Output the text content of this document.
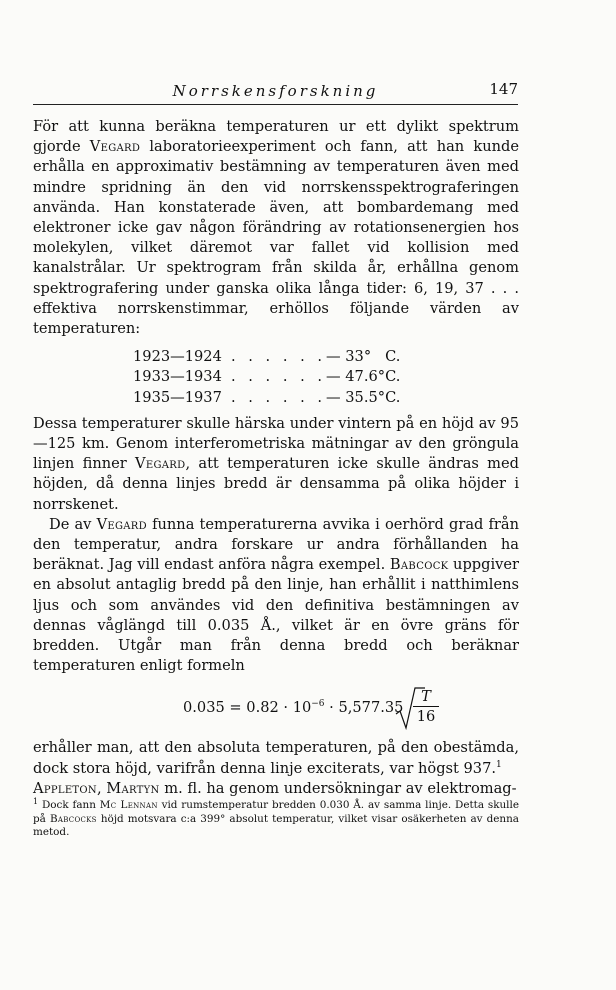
Norrskensforskning	147

För att kunna beräkna temperaturen ur ett dylikt spektrum gjorde Vegard laboratorieexperiment och fann, att han kunde erhålla en approximativ bestämning av temperaturen även med mindre spridning än den vid norrskensspektrograferingen använda. Han konstaterade även, att bombardemang med elektroner icke gav någon förändring av rotationsenergien hos molekylen, vilket däremot var fallet vid kollision med kanalstrålar. Ur spektrogram från skilda år, erhållna genom spektrografering under ganska olika långa tider: 6, 19, 37 . . . effektiva norrskenstimmar, erhöllos följande värden av temperaturen:

1923—1924	. . . . . .	— 33°	C.
1933—1934	. . . . . .	— 47.6°	C.
1935—1937	. . . . . .	— 35.5°	C.

Dessa temperaturer skulle härska under vintern på en höjd av 95—125 km. Genom interferometriska mätningar av den gröngula linjen finner Vegard, att temperaturen icke skulle ändras med höjden, då denna linjes bredd är densamma på olika höjder i norrskenet.

De av Vegard funna temperaturerna avvika i oerhörd grad från den temperatur, andra forskare ur andra förhållanden ha beräknat. Jag vill endast anföra några exempel. Babcock uppgiver en absolut antaglig bredd på den linje, han erhållit i natthimlens ljus och som användes vid den definitiva bestämningen av dennas våglängd till 0.035 Å., vilket är en övre gräns för bredden. Utgår man från denna bredd och beräknar temperaturen enligt formeln

$0.035 = 0.82 \cdot 10^{-6} \cdot 5,577.35 \frac{T}{16}$

erhåller man, att den absoluta temperaturen, på den obestämda, dock stora höjd, varifrån denna linje exciterats, var högst 937.$^1$
Appleton, Martyn m. fl. ha genom undersökningar av elektromag-

$^1$ Dock fann Mc Lennan vid rumstemperatur bredden 0.030 Å. av samma linje. Detta skulle på Babcocks höjd motsvara c:a 399° absolut temperatur, vilket visar osäkerheten av denna metod.
